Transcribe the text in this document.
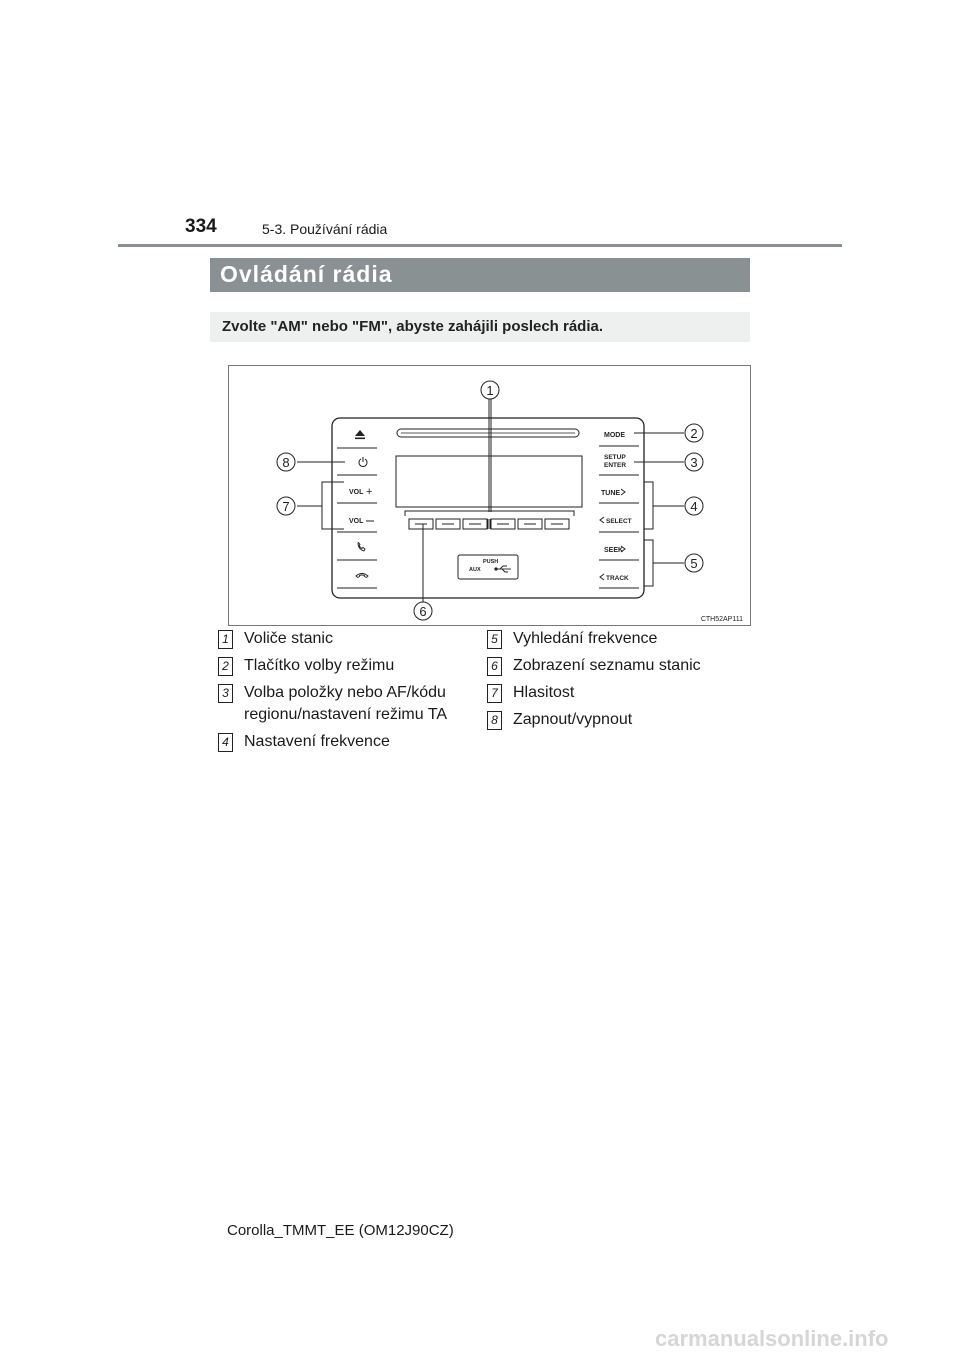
334	5-3. Používání rádia
Ovládání rádia
Zvolte "AM" nebo "FM", abyste zahájili poslech rádia.
VOL +
VOL
MODE
SETUP
ENTER
TUNE
SELECT
SEEK
TRACK
PUSH
AUX
1
2
3
4
5
6
7
8
CTH52AP111
1 Voliče stanic
2 Tlačítko volby režimu
3 Volba položky nebo AF/kódu
regionu/nastavení režimu TA
4 Nastavení frekvence
5 Vyhledání frekvence
6 Zobrazení seznamu stanic
7 Hlasitost
8 Zapnout/vypnout
Corolla_TMMT_EE (OM12J90CZ)
carmanualsonline.info
